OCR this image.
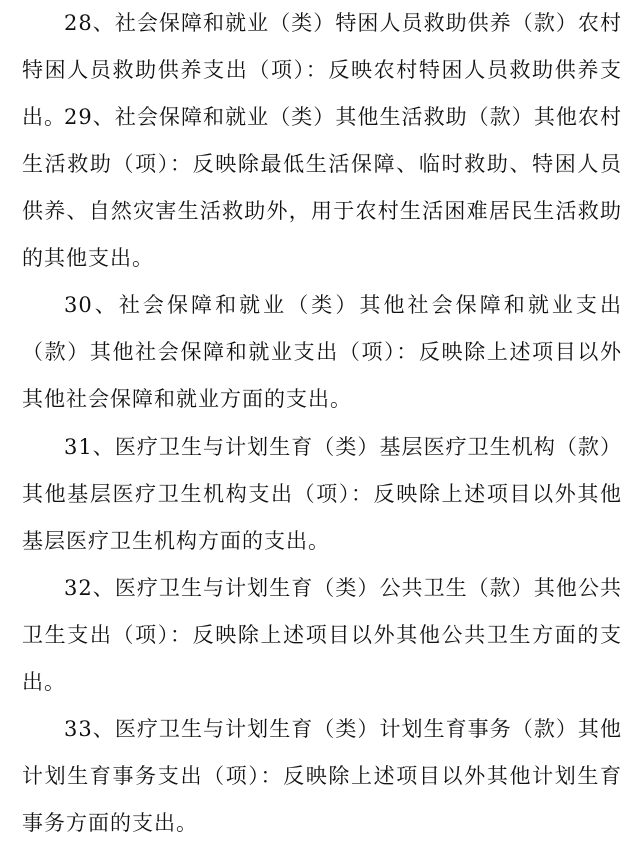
28、社会保障和就业（类）特困人员救助供养（款）农村特困人员救助供养支出（项）：反映农村特困人员救助供养支出。

29、社会保障和就业（类）其他生活救助（款）其他农村生活救助（项）：反映除最低生活保障、临时救助、特困人员供养、自然灾害生活救助外，用于农村生活困难居民生活救助的其他支出。

30、社会保障和就业（类）其他社会保障和就业支出（款）其他社会保障和就业支出（项）：反映除上述项目以外其他社会保障和就业方面的支出。

31、医疗卫生与计划生育（类）基层医疗卫生机构（款）其他基层医疗卫生机构支出（项）：反映除上述项目以外其他基层医疗卫生机构方面的支出。

32、医疗卫生与计划生育（类）公共卫生（款）其他公共卫生支出（项）：反映除上述项目以外其他公共卫生方面的支出。

33、医疗卫生与计划生育（类）计划生育事务（款）其他计划生育事务支出（项）：反映除上述项目以外其他计划生育事务方面的支出。
